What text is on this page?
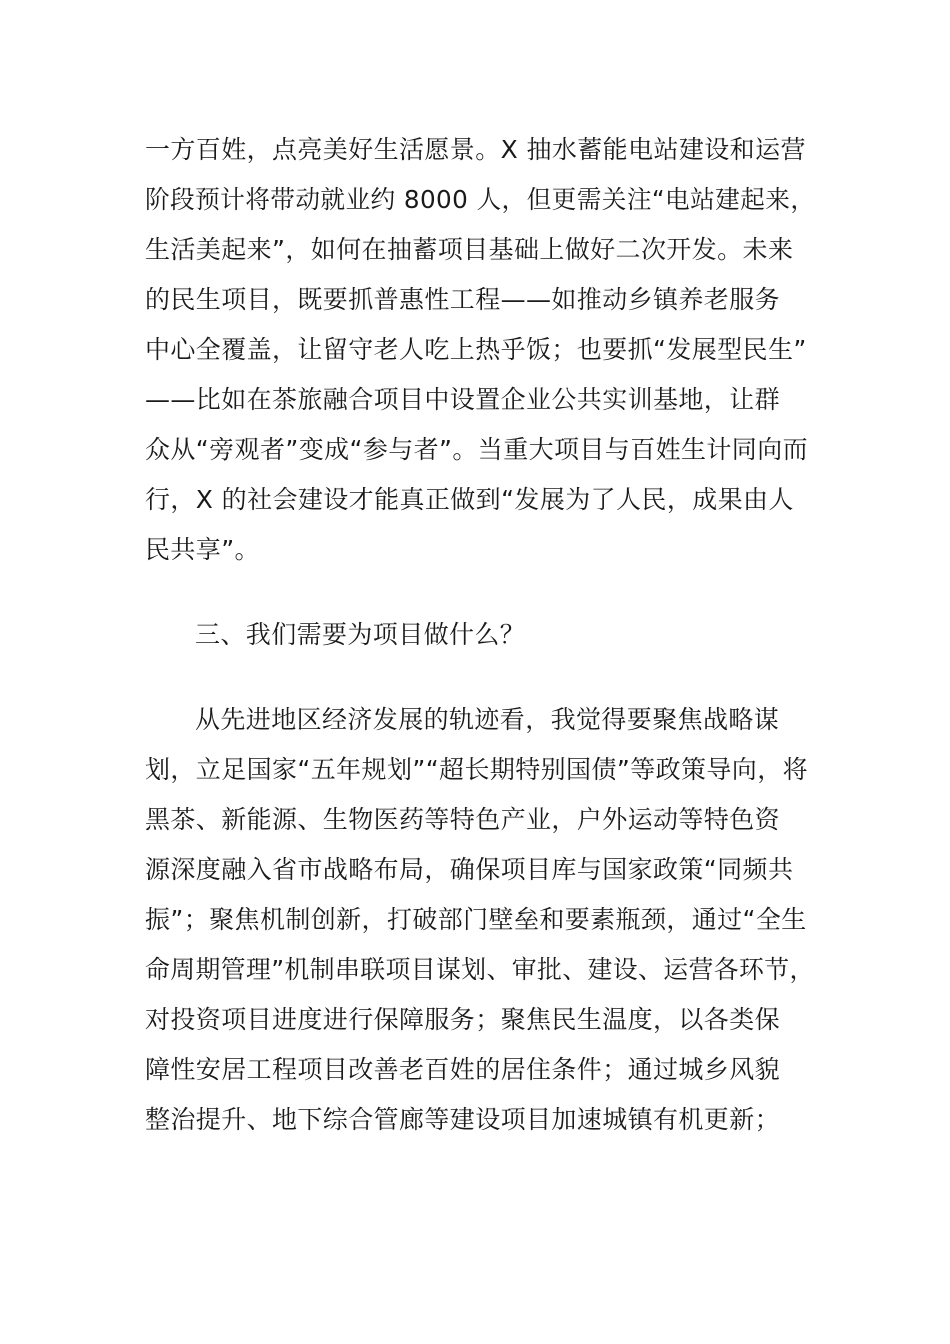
一方百姓，点亮美好生活愿景。X 抽水蓄能电站建设和运营

阶段预计将带动就业约 8000 人，但更需关注“电站建起来，

生活美起来”，如何在抽蓄项目基础上做好二次开发。未来

的民生项目，既要抓普惠性工程——如推动乡镇养老服务

中心全覆盖，让留守老人吃上热乎饭；也要抓“发展型民生”

——比如在茶旅融合项目中设置企业公共实训基地，让群

众从“旁观者”变成“参与者”。当重大项目与百姓生计同向而

行，X 的社会建设才能真正做到“发展为了人民，成果由人

民共享”。

三、我们需要为项目做什么？

从先进地区经济发展的轨迹看，我觉得要聚焦战略谋

划，立足国家“五年规划”“超长期特别国债”等政策导向，将

黑茶、新能源、生物医药等特色产业，户外运动等特色资

源深度融入省市战略布局，确保项目库与国家政策“同频共

振”；聚焦机制创新，打破部门壁垒和要素瓶颈，通过“全生

命周期管理”机制串联项目谋划、审批、建设、运营各环节，

对投资项目进度进行保障服务；聚焦民生温度，以各类保

障性安居工程项目改善老百姓的居住条件；通过城乡风貌

整治提升、地下综合管廊等建设项目加速城镇有机更新；
